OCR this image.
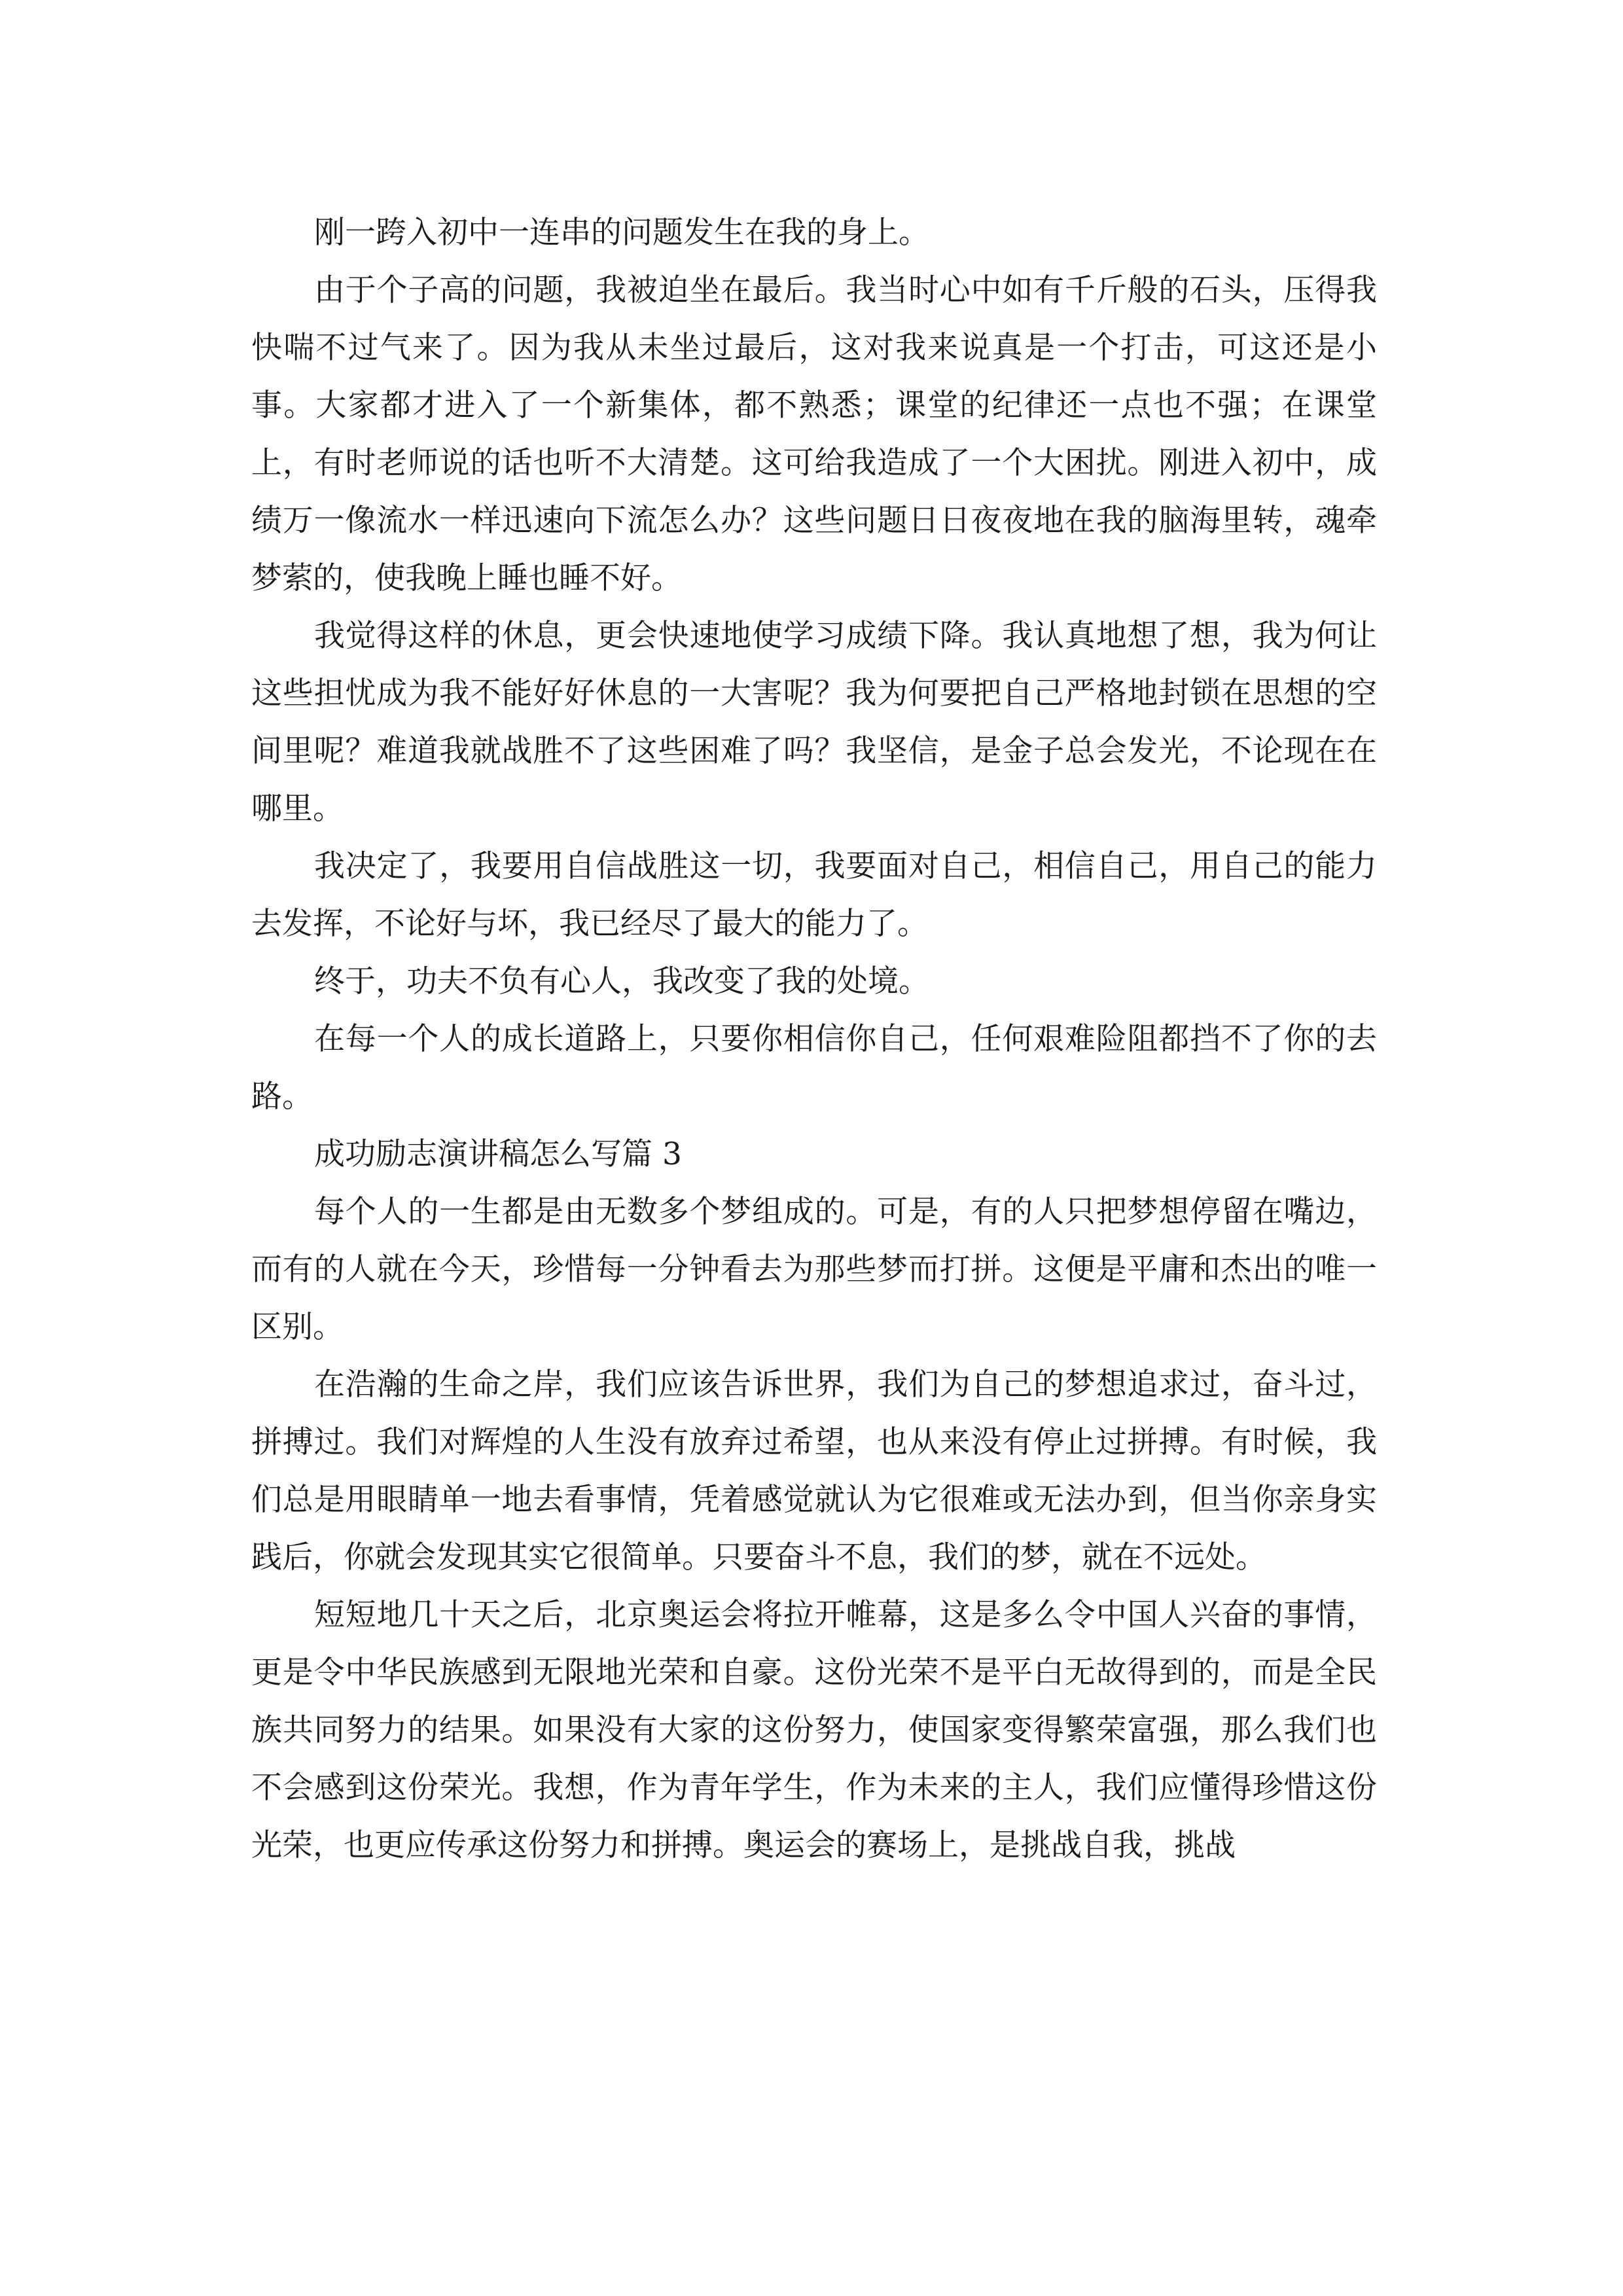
刚一跨入初中一连串的问题发生在我的身上。

由于个子高的问题，我被迫坐在最后。我当时心中如有千斤般的石头，压得我快喘不过气来了。因为我从未坐过最后，这对我来说真是一个打击，可这还是小事。大家都才进入了一个新集体，都不熟悉；课堂的纪律还一点也不强；在课堂上，有时老师说的话也听不大清楚。这可给我造成了一个大困扰。刚进入初中，成绩万一像流水一样迅速向下流怎么办？这些问题日日夜夜地在我的脑海里转，魂牵梦萦的，使我晚上睡也睡不好。

我觉得这样的休息，更会快速地使学习成绩下降。我认真地想了想，我为何让这些担忧成为我不能好好休息的一大害呢？我为何要把自己严格地封锁在思想的空间里呢？难道我就战胜不了这些困难了吗？我坚信，是金子总会发光，不论现在在哪里。

我决定了，我要用自信战胜这一切，我要面对自己，相信自己，用自己的能力去发挥，不论好与坏，我已经尽了最大的能力了。

终于，功夫不负有心人，我改变了我的处境。

在每一个人的成长道路上，只要你相信你自己，任何艰难险阻都挡不了你的去路。

成功励志演讲稿怎么写篇 3

每个人的一生都是由无数多个梦组成的。可是，有的人只把梦想停留在嘴边，而有的人就在今天，珍惜每一分钟看去为那些梦而打拼。这便是平庸和杰出的唯一区别。

在浩瀚的生命之岸，我们应该告诉世界，我们为自己的梦想追求过，奋斗过，拼搏过。我们对辉煌的人生没有放弃过希望，也从来没有停止过拼搏。有时候，我们总是用眼睛单一地去看事情，凭着感觉就认为它很难或无法办到，但当你亲身实践后，你就会发现其实它很简单。只要奋斗不息，我们的梦，就在不远处。

短短地几十天之后，北京奥运会将拉开帷幕，这是多么令中国人兴奋的事情，更是令中华民族感到无限地光荣和自豪。这份光荣不是平白无故得到的，而是全民族共同努力的结果。如果没有大家的这份努力，使国家变得繁荣富强，那么我们也不会感到这份荣光。我想，作为青年学生，作为未来的主人，我们应懂得珍惜这份光荣，也更应传承这份努力和拼搏。奥运会的赛场上，是挑战自我，挑战
